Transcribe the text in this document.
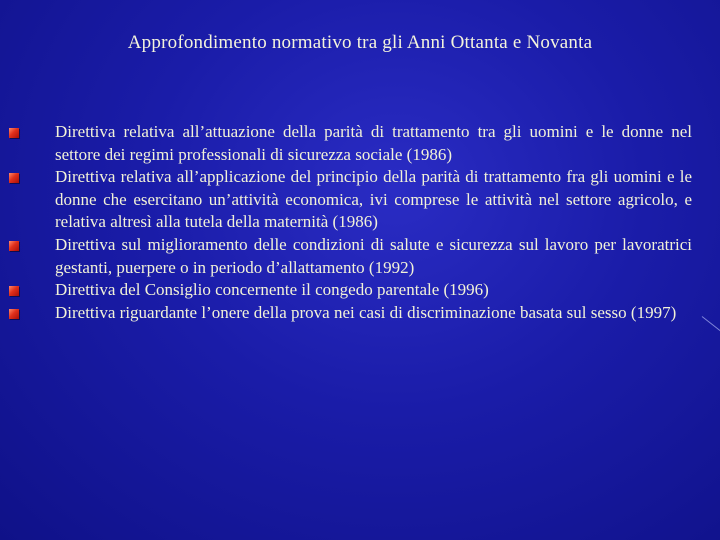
Approfondimento normativo tra gli Anni Ottanta e Novanta
Direttiva relativa all’attuazione della parità di trattamento tra gli uomini e le donne nel settore dei regimi professionali di sicurezza sociale (1986)
Direttiva relativa all’applicazione del principio della parità di trattamento fra gli uomini e le donne che esercitano un’attività economica, ivi comprese le attività nel settore agricolo, e relativa altresì alla tutela della maternità (1986)
Direttiva sul miglioramento delle condizioni di salute e sicurezza sul lavoro per lavoratrici gestanti, puerpere o in periodo d’allattamento (1992)
Direttiva del Consiglio concernente il congedo parentale (1996)
Direttiva riguardante l’onere della prova nei casi di discriminazione basata sul sesso (1997)
